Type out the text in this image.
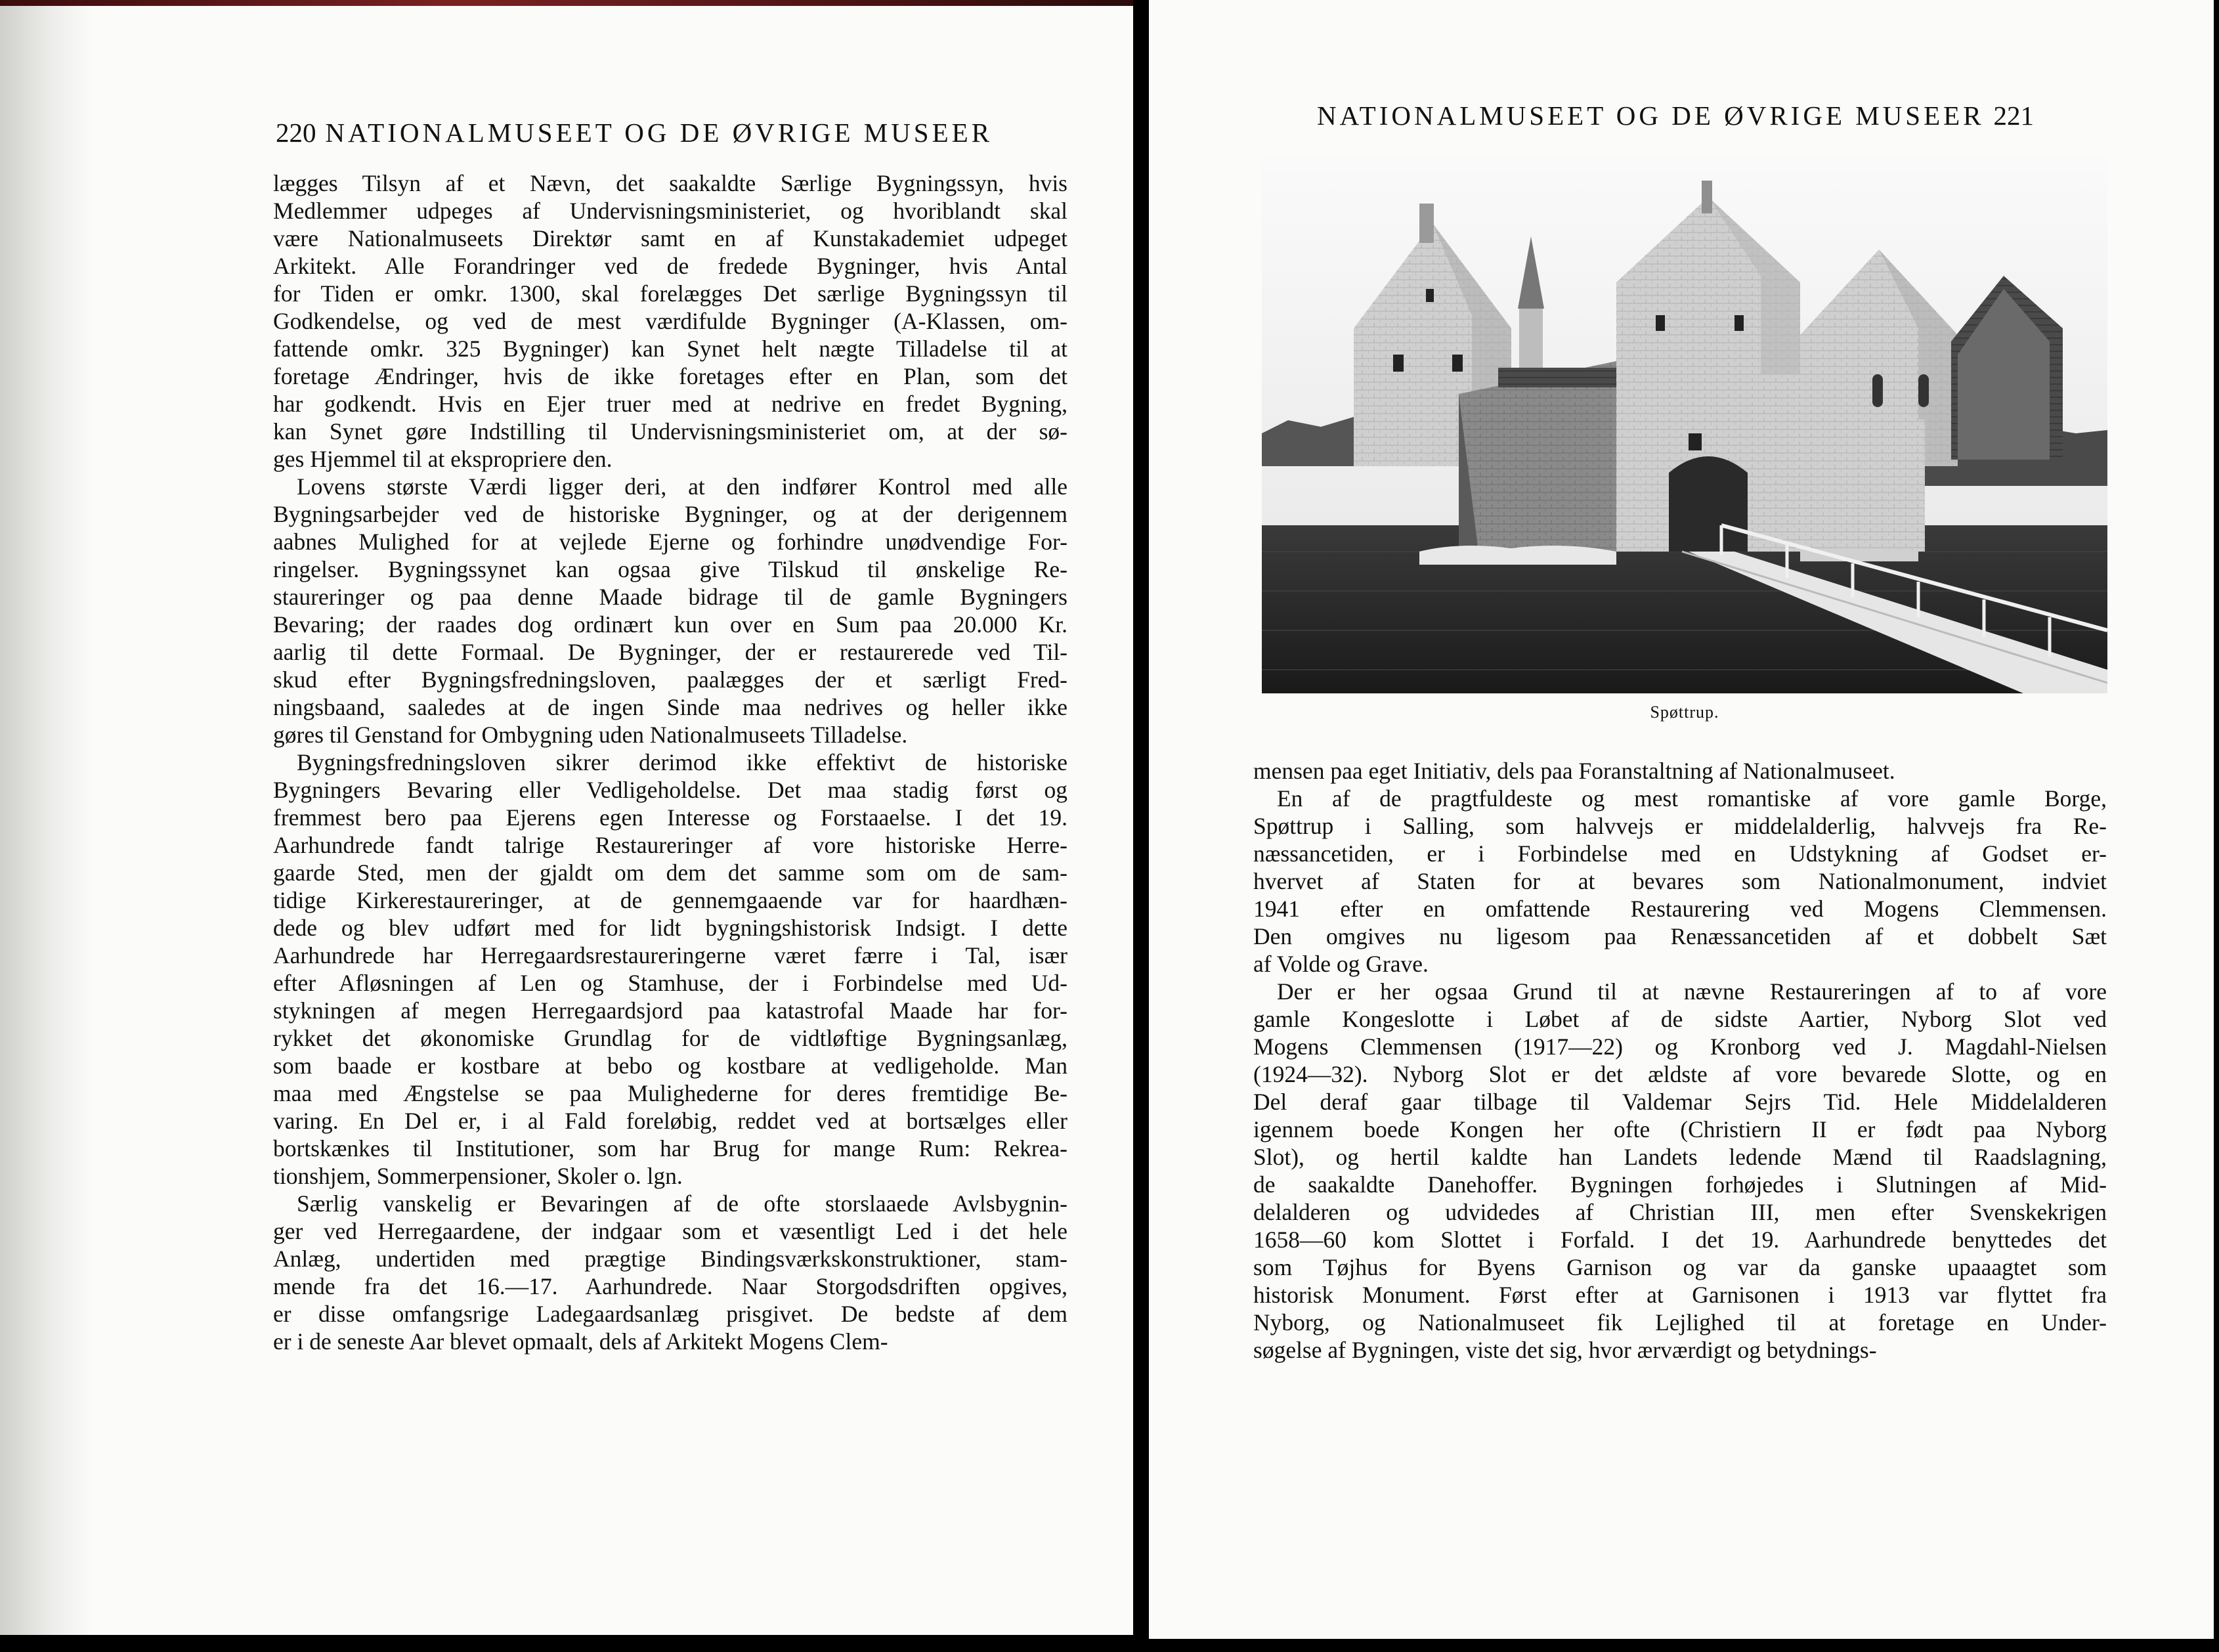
220 NATIONALMUSEET OG DE ØVRIGE MUSEER
lægges Tilsyn af et Nævn, det saakaldte Særlige Bygningssyn, hvis
Medlemmer udpeges af Undervisningsministeriet, og hvoriblandt skal
være Nationalmuseets Direktør samt en af Kunstakademiet udpeget
Arkitekt. Alle Forandringer ved de fredede Bygninger, hvis Antal
for Tiden er omkr. 1300, skal forelægges Det særlige Bygningssyn til
Godkendelse, og ved de mest værdifulde Bygninger (A-Klassen, om-
fattende omkr. 325 Bygninger) kan Synet helt nægte Tilladelse til at
foretage Ændringer, hvis de ikke foretages efter en Plan, som det
har godkendt. Hvis en Ejer truer med at nedrive en fredet Bygning,
kan Synet gøre Indstilling til Undervisningsministeriet om, at der sø-
ges Hjemmel til at ekspropriere den.
Lovens største Værdi ligger deri, at den indfører Kontrol med alle
Bygningsarbejder ved de historiske Bygninger, og at der derigennem
aabnes Mulighed for at vejlede Ejerne og forhindre unødvendige For-
ringelser. Bygningssynet kan ogsaa give Tilskud til ønskelige Re-
staureringer og paa denne Maade bidrage til de gamle Bygningers
Bevaring; der raades dog ordinært kun over en Sum paa 20.000 Kr.
aarlig til dette Formaal. De Bygninger, der er restaurerede ved Til-
skud efter Bygningsfredningsloven, paalægges der et særligt Fred-
ningsbaand, saaledes at de ingen Sinde maa nedrives og heller ikke
gøres til Genstand for Ombygning uden Nationalmuseets Tilladelse.
Bygningsfredningsloven sikrer derimod ikke effektivt de historiske
Bygningers Bevaring eller Vedligeholdelse. Det maa stadig først og
fremmest bero paa Ejerens egen Interesse og Forstaaelse. I det 19.
Aarhundrede fandt talrige Restaureringer af vore historiske Herre-
gaarde Sted, men der gjaldt om dem det samme som om de sam-
tidige Kirkerestaureringer, at de gennemgaaende var for haardhæn-
dede og blev udført med for lidt bygningshistorisk Indsigt. I dette
Aarhundrede har Herregaardsrestaureringerne været færre i Tal, især
efter Afløsningen af Len og Stamhuse, der i Forbindelse med Ud-
stykningen af megen Herregaardsjord paa katastrofal Maade har for-
rykket det økonomiske Grundlag for de vidtløftige Bygningsanlæg,
som baade er kostbare at bebo og kostbare at vedligeholde. Man
maa med Ængstelse se paa Mulighederne for deres fremtidige Be-
varing. En Del er, i al Fald foreløbig, reddet ved at bortsælges eller
bortskænkes til Institutioner, som har Brug for mange Rum: Rekrea-
tionshjem, Sommerpensioner, Skoler o. lgn.
Særlig vanskelig er Bevaringen af de ofte storslaaede Avlsbygnin-
ger ved Herregaardene, der indgaar som et væsentligt Led i det hele
Anlæg, undertiden med prægtige Bindingsværkskonstruktioner, stam-
mende fra det 16.—17. Aarhundrede. Naar Storgodsdriften opgives,
er disse omfangsrige Ladegaardsanlæg prisgivet. De bedste af dem
er i de seneste Aar blevet opmaalt, dels af Arkitekt Mogens Clem-
NATIONALMUSEET OG DE ØVRIGE MUSEER 221
Spøttrup.
mensen paa eget Initiativ, dels paa Foranstaltning af Nationalmuseet.
En af de pragtfuldeste og mest romantiske af vore gamle Borge,
Spøttrup i Salling, som halvvejs er middelalderlig, halvvejs fra Re-
næssancetiden, er i Forbindelse med en Udstykning af Godset er-
hvervet af Staten for at bevares som Nationalmonument, indviet
1941 efter en omfattende Restaurering ved Mogens Clemmensen.
Den omgives nu ligesom paa Renæssancetiden af et dobbelt Sæt
af Volde og Grave.
Der er her ogsaa Grund til at nævne Restaureringen af to af vore
gamle Kongeslotte i Løbet af de sidste Aartier, Nyborg Slot ved
Mogens Clemmensen (1917—22) og Kronborg ved J. Magdahl-Nielsen
(1924—32). Nyborg Slot er det ældste af vore bevarede Slotte, og en
Del deraf gaar tilbage til Valdemar Sejrs Tid. Hele Middelalderen
igennem boede Kongen her ofte (Christiern II er født paa Nyborg
Slot), og hertil kaldte han Landets ledende Mænd til Raadslagning,
de saakaldte Danehoffer. Bygningen forhøjedes i Slutningen af Mid-
delalderen og udvidedes af Christian III, men efter Svenskekrigen
1658—60 kom Slottet i Forfald. I det 19. Aarhundrede benyttedes det
som Tøjhus for Byens Garnison og var da ganske upaaagtet som
historisk Monument. Først efter at Garnisonen i 1913 var flyttet fra
Nyborg, og Nationalmuseet fik Lejlighed til at foretage en Under-
søgelse af Bygningen, viste det sig, hvor ærværdigt og betydnings-
